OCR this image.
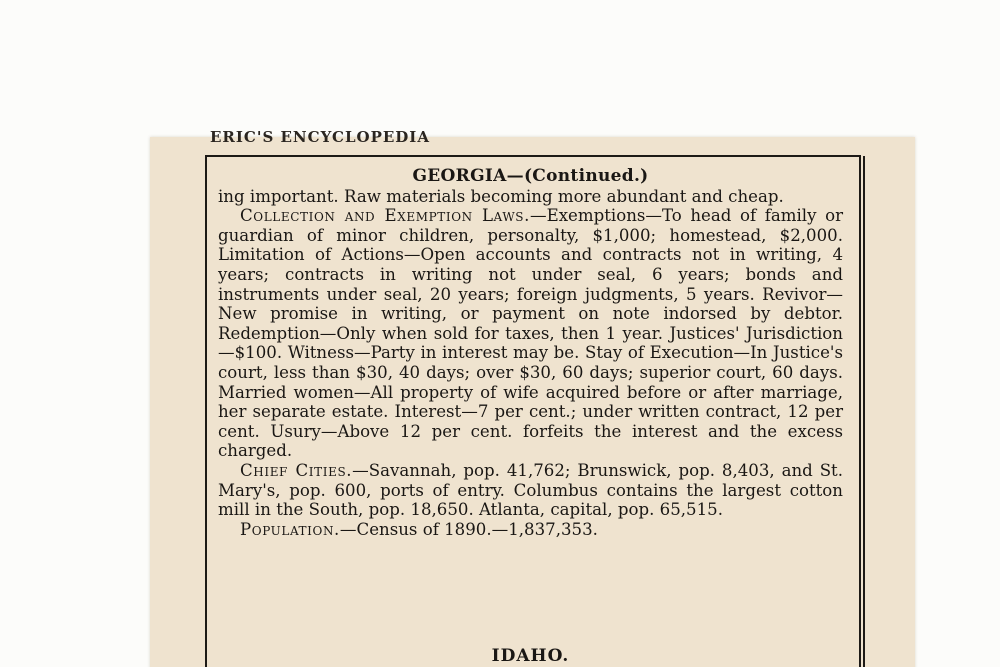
ERIC'S ENCYCLOPEDIA
GEORGIA—(Continued.)

ing important. Raw materials becoming more abundant and cheap.

Collection and Exemption Laws.—Exemptions—To head of family or guardian of minor children, personalty, $1,000; homestead, $2,000. Limitation of Actions—Open accounts and contracts not in writing, 4 years; contracts in writing not under seal, 6 years; bonds and instruments under seal, 20 years; foreign judgments, 5 years. Revivor—New promise in writing, or payment on note indorsed by debtor. Redemption—Only when sold for taxes, then 1 year. Justices' Jurisdiction—$100. Witness—Party in interest may be. Stay of Execution—In Justice's court, less than $30, 40 days; over $30, 60 days; superior court, 60 days. Married women—All property of wife acquired before or after marriage, her separate estate. Interest—7 per cent.; under written contract, 12 per cent. Usury—Above 12 per cent. forfeits the interest and the excess charged.

Chief Cities.—Savannah, pop. 41,762; Brunswick, pop. 8,403, and St. Mary's, pop. 600, ports of entry. Columbus contains the largest cotton mill in the South, pop. 18,650. Atlanta, capital, pop. 65,515.

Population.—Census of 1890.—1,837,353.

IDAHO.
